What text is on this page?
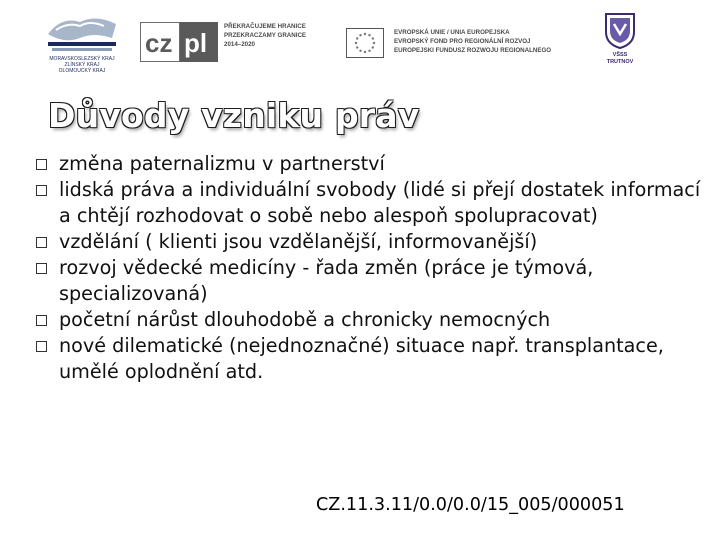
MORAVSKOSLEZSKÝ KRAJ
ZLÍNSKÝ KRAJ
OLOMOUCKÝ KRAJ
cz pl
PŘEKRAČUJEME HRANICE
PRZEKRACZAMY GRANICE
2014–2020
EVROPSKÁ UNIE / UNIA EUROPEJSKA
EVROPSKÝ FOND PRO REGIONÁLNÍ ROZVOJ
EUROPEJSKI FUNDUSZ ROZWOJU REGIONALNEGO
VŠSS
TRUTNOV
Důvody vzniku práv
změna paternalizmu v partnerství
lidská práva a individuální svobody (lidé si přejí dostatek informací a chtějí rozhodovat o sobě nebo alespoň spolupracovat)
vzdělání ( klienti jsou vzdělanější, informovanější)
rozvoj vědecké medicíny - řada změn (práce je týmová, specializovaná)
početní nárůst dlouhodobě a chronicky nemocných
nové dilematické (nejednoznačné) situace např. transplantace, umělé oplodnění atd.
CZ.11.3.11/0.0/0.0/15_005/000051
